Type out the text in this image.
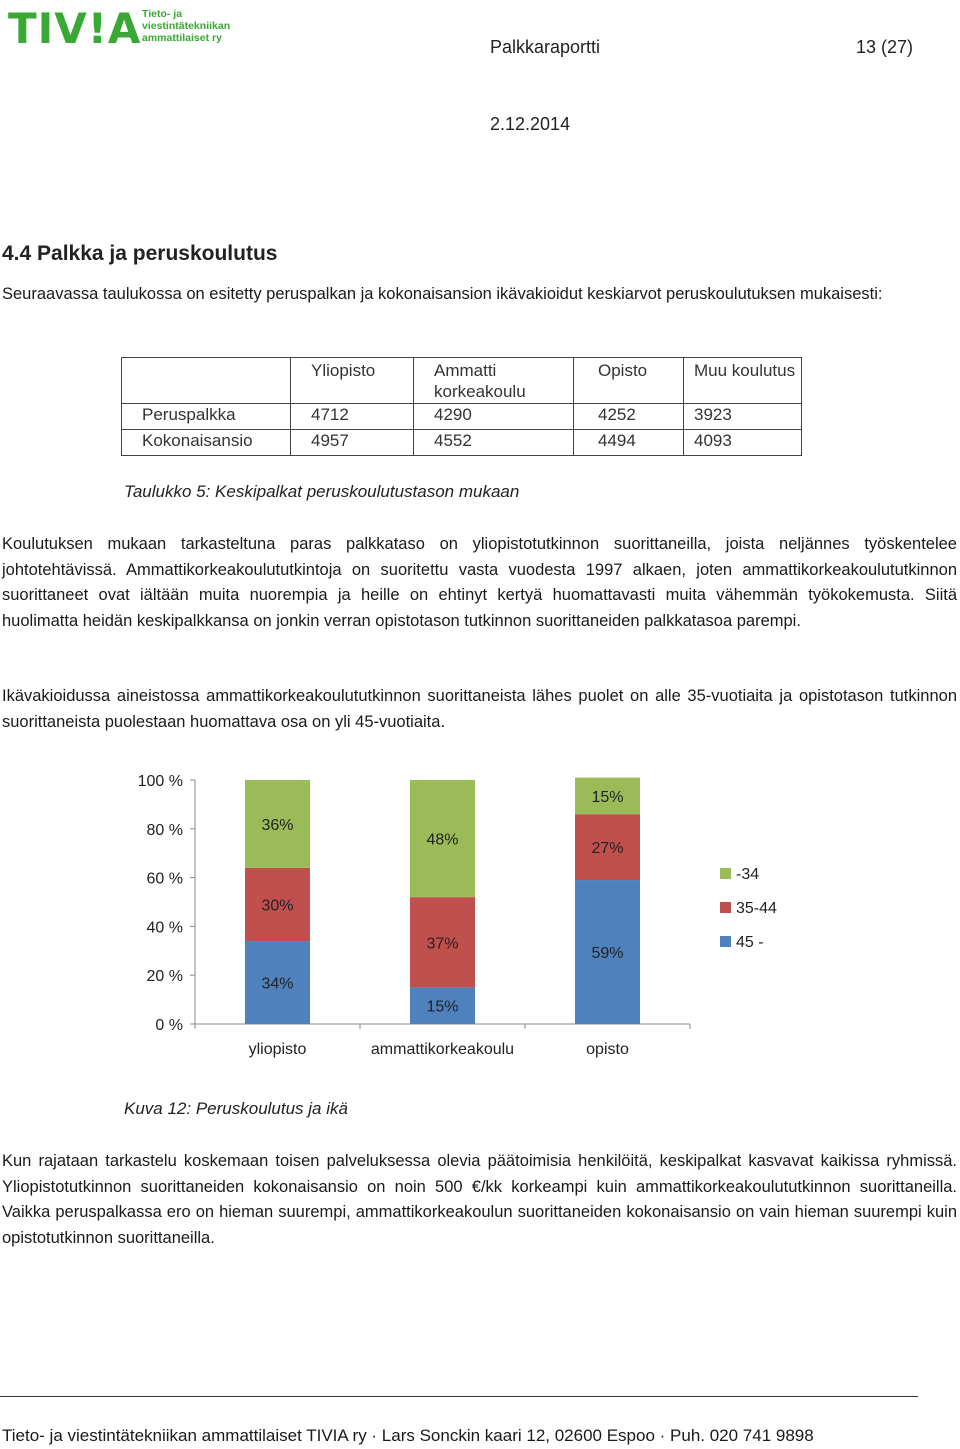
TIV!A Tieto- ja viestintätekniikan ammattilaiset ry	Palkkaraportti	13 (27)
2.12.2014
4.4 Palkka ja peruskoulutus
Seuraavassa taulukossa on esitetty peruspalkan ja kokonaisansion ikävakioidut keskiarvot peruskoulutuksen mukaisesti:
	Yliopisto	Ammatti korkeakoulu	Opisto	Muu koulutus
Peruspalkka	4712	4290	4252	3923
Kokonaisansio	4957	4552	4494	4093
Taulukko 5: Keskipalkat peruskoulutustason mukaan
Koulutuksen mukaan tarkasteltuna paras palkkataso on yliopistotutkinnon suorittaneilla, joista neljännes työskentelee johtotehtävissä. Ammattikorkeakoulututkintoja on suoritettu vasta vuodesta 1997 alkaen, joten ammattikorkeakoulututkinnon suorittaneet ovat iältään muita nuorempia ja heille on ehtinyt kertyä huomattavasti muita vähemmän työkokemusta. Siitä huolimatta heidän keskipalkkansa on jonkin verran opistotason tutkinnon suorittaneiden palkkatasoa parempi.
Ikävakioidussa aineistossa ammattikorkeakoulututkinnon suorittaneista lähes puolet on alle 35-vuotiaita ja opistotason tutkinnon suorittaneista puolestaan huomattava osa on yli 45-vuotiaita.
0 %
20 %
40 %
60 %
80 %
100 %
yliopisto	ammattikorkeakoulu	opisto
34%
30%
36%
15%
37%
48%
59%
27%
15%
-34
35-44
45 -
Kuva 12: Peruskoulutus ja ikä
Kun rajataan tarkastelu koskemaan toisen palveluksessa olevia päätoimisia henkilöitä, keskipalkat kasvavat kaikissa ryhmissä. Yliopistotutkinnon suorittaneiden kokonaisansio on noin 500 €/kk korkeampi kuin ammattikorkeakoulututkinnon suorittaneilla. Vaikka peruspalkassa ero on hieman suurempi, ammattikorkeakoulun suorittaneiden kokonaisansio on vain hieman suurempi kuin opistotutkinnon suorittaneilla.
Tieto- ja viestintätekniikan ammattilaiset TIVIA ry · Lars Sonckin kaari 12, 02600 Espoo · Puh. 020 741 9898
